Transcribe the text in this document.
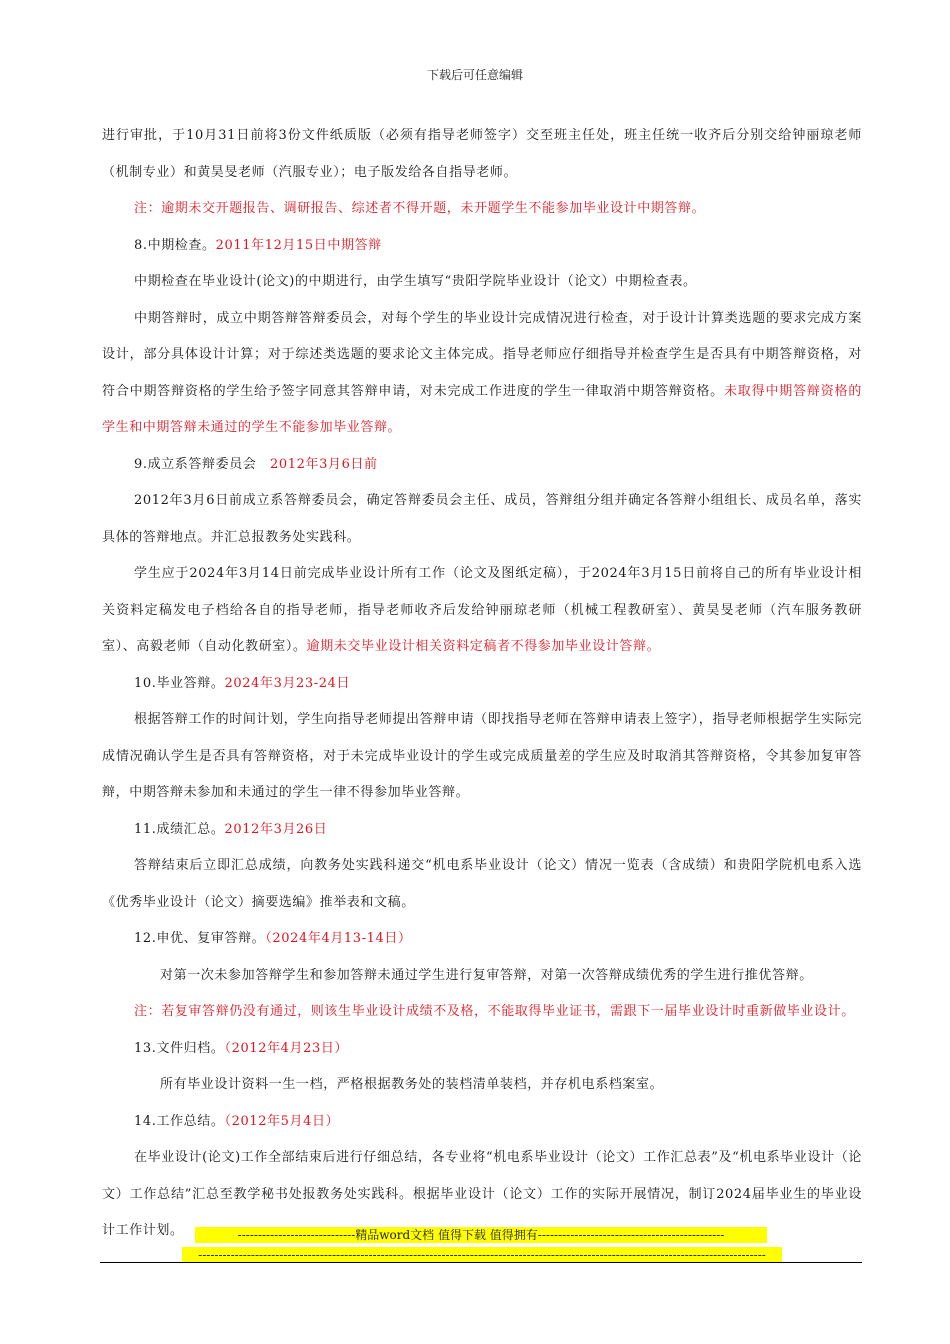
下载后可任意编辑

进行审批，于10月31日前将3份文件纸质版（必须有指导老师签字）交至班主任处，班主任统一收齐后分别交给钟丽琼老师（机制专业）和黄昊旻老师（汽服专业）；电子版发给各自指导老师。

注：逾期未交开题报告、调研报告、综述者不得开题，未开题学生不能参加毕业设计中期答辩。

8.中期检查。2011年12月15日中期答辩

中期检查在毕业设计(论文)的中期进行，由学生填写“贵阳学院毕业设计（论文）中期检查表。

中期答辩时，成立中期答辩答辩委员会，对每个学生的毕业设计完成情况进行检查，对于设计计算类选题的要求完成方案设计，部分具体设计计算；对于综述类选题的要求论文主体完成。指导老师应仔细指导并检查学生是否具有中期答辩资格，对符合中期答辩资格的学生给予签字同意其答辩申请，对未完成工作进度的学生一律取消中期答辩资格。未取得中期答辩资格的学生和中期答辩未通过的学生不能参加毕业答辩。

9.成立系答辩委员会　2012年3月6日前

2012年3月6日前成立系答辩委员会，确定答辩委员会主任、成员，答辩组分组并确定各答辩小组组长、成员名单，落实具体的答辩地点。并汇总报教务处实践科。

学生应于2024年3月14日前完成毕业设计所有工作（论文及图纸定稿），于2024年3月15日前将自己的所有毕业设计相关资料定稿发电子档给各自的指导老师，指导老师收齐后发给钟丽琼老师（机械工程教研室）、黄昊旻老师（汽车服务教研室）、高毅老师（自动化教研室）。逾期未交毕业设计相关资料定稿者不得参加毕业设计答辩。

10.毕业答辩。2024年3月23-24日

根据答辩工作的时间计划，学生向指导老师提出答辩申请（即找指导老师在答辩申请表上签字），指导老师根据学生实际完成情况确认学生是否具有答辩资格，对于未完成毕业设计的学生或完成质量差的学生应及时取消其答辩资格，令其参加复审答辩，中期答辩未参加和未通过的学生一律不得参加毕业答辩。

11.成绩汇总。2012年3月26日

答辩结束后立即汇总成绩，向教务处实践科递交“机电系毕业设计（论文）情况一览表（含成绩）和贵阳学院机电系入选《优秀毕业设计（论文）摘要选编》推举表和文稿。

12.申优、复审答辩。（2024年4月13-14日）

对第一次未参加答辩学生和参加答辩未通过学生进行复审答辩，对第一次答辩成绩优秀的学生进行推优答辩。

注：若复审答辩仍没有通过，则该生毕业设计成绩不及格，不能取得毕业证书，需跟下一届毕业设计时重新做毕业设计。

13.文件归档。（2012年4月23日）

所有毕业设计资料一生一档，严格根据教务处的装档清单装档，并存机电系档案室。

14.工作总结。（2012年5月4日）

在毕业设计(论文)工作全部结束后进行仔细总结，各专业将“机电系毕业设计（论文）工作汇总表”及“机电系毕业设计（论文）工作总结”汇总至教学秘书处报教务处实践科。根据毕业设计（论文）工作的实际开展情况，制订2024届毕业生的毕业设计工作计划。	-----------------------------精品word文档 值得下载 值得拥有----------------------------------------------
--------------------------------------------------------------------------------------------------------------------------------------------
